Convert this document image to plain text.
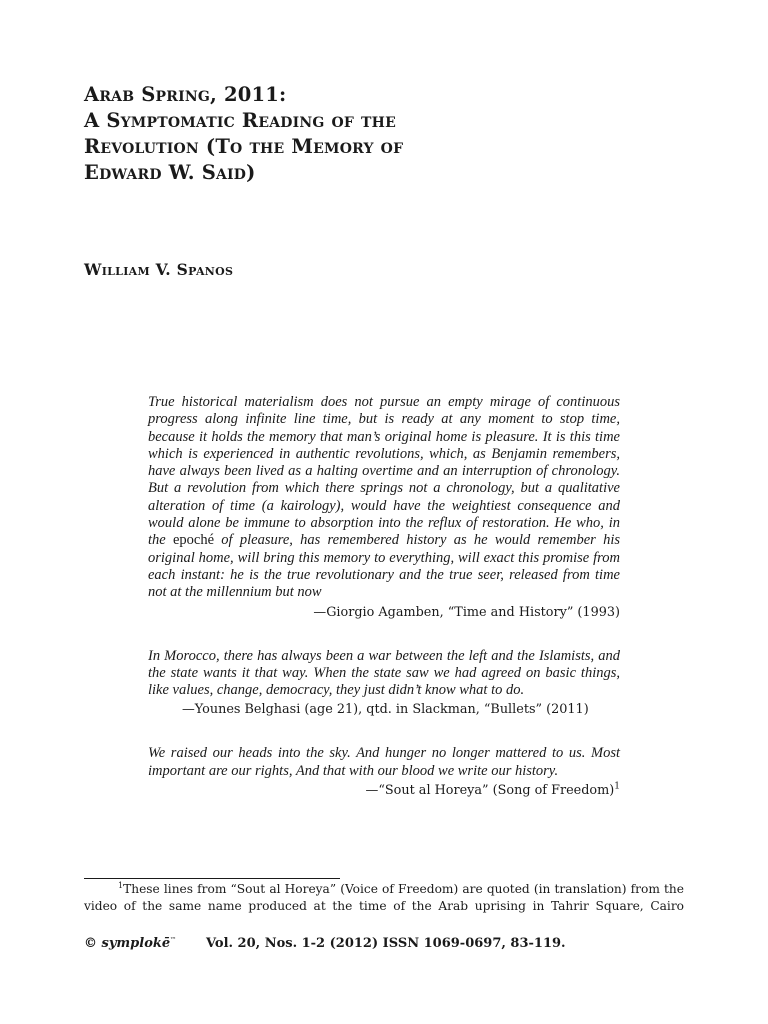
Arab Spring, 2011:
A Symptomatic Reading of the
Revolution (To the Memory of
Edward W. Said)

William V. Spanos

True historical materialism does not pursue an empty mirage of continuous progress along infinite line time, but is ready at any moment to stop time, because it holds the memory that man’s original home is pleasure. It is this time which is experienced in authentic revolutions, which, as Benjamin remembers, have always been lived as a halting overtime and an interruption of chronology. But a revolution from which there springs not a chronology, but a qualitative alteration of time (a kairology), would have the weightiest consequence and would alone be immune to absorption into the reflux of restoration. He who, in the epoché of pleasure, has remembered history as he would remember his original home, will bring this memory to everything, will exact this promise from each instant: he is the true revolutionary and the true seer, released from time not at the millennium but now

—Giorgio Agamben, “Time and History” (1993)

In Morocco, there has always been a war between the left and the Islamists, and the state wants it that way. When the state saw we had agreed on basic things, like values, change, democracy, they just didn’t know what to do.

—Younes Belghasi (age 21), qtd. in Slackman, “Bullets” (2011)

We raised our heads into the sky. And hunger no longer mattered to us. Most important are our rights, And that with our blood we write our history.

—“Sout al Horeya” (Song of Freedom)$^1$

$^1$These lines from “Sout al Horeya” (Voice of Freedom) are quoted (in translation) from the video of the same name produced at the time of the Arab uprising in Tahrir Square, Cairo

© symplokē™ Vol. 20, Nos. 1-2 (2012) ISSN 1069-0697, 83-119.
